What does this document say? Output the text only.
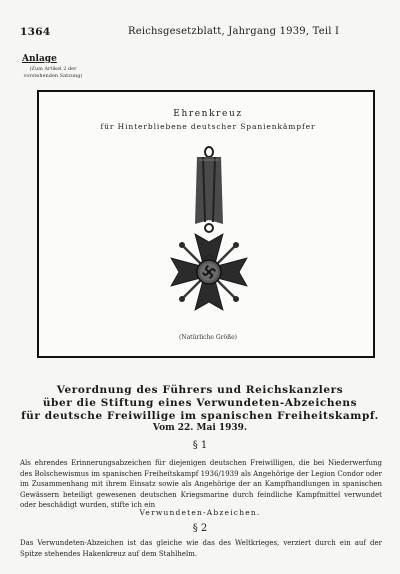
1364	Reichsgesetzblatt, Jahrgang 1939, Teil I
Anlage
(Zum Artikel 2 der vorstehenden Satzung)
Ehrenkreuz
für Hinterbliebene deutscher Spanienkämpfer
(Natürliche Größe)
Verordnung des Führers und Reichskanzlers
über die Stiftung eines Verwundeten-Abzeichens
für deutsche Freiwillige im spanischen Freiheitskampf.
Vom 22. Mai 1939.
§ 1
Als ehrendes Erinnerungsabzeichen für diejenigen deutschen Freiwilligen, die bei Niederwerfung des Bolschewismus im spanischen Freiheitskampf 1936/1939 als Angehörige der Legion Condor oder im Zusammenhang mit ihrem Einsatz sowie als Angehörige der an Kampfhandlungen in spanischen Gewässern beteiligt gewesenen deutschen Kriegsmarine durch feindliche Kampfmittel verwundet oder beschädigt wurden, stifte ich ein
Verwundeten-Abzeichen.
§ 2
Das Verwundeten-Abzeichen ist das gleiche wie das des Weltkrieges, verziert durch ein auf der Spitze stehendes Hakenkreuz auf dem Stahlhelm.
